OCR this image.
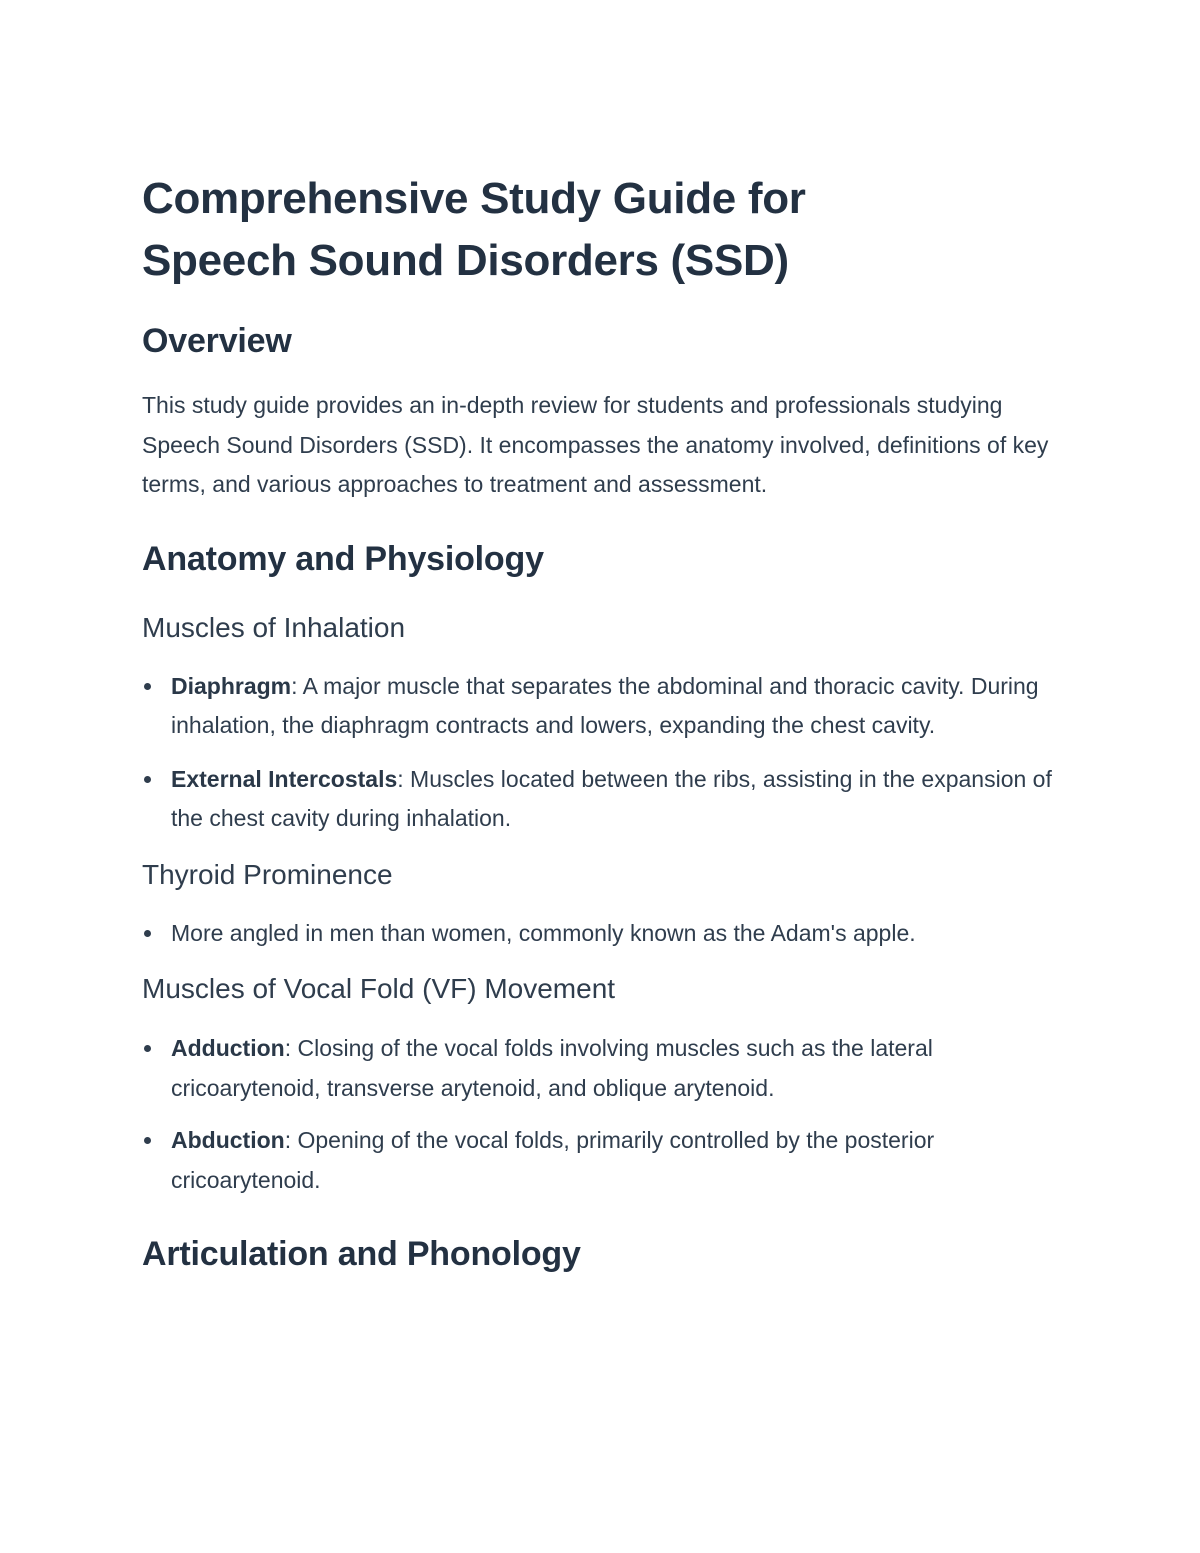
Comprehensive Study Guide for Speech Sound Disorders (SSD)
Overview

This study guide provides an in-depth review for students and professionals studying Speech Sound Disorders (SSD). It encompasses the anatomy involved, definitions of key terms, and various approaches to treatment and assessment.

Anatomy and Physiology
Muscles of Inhalation
Diaphragm: A major muscle that separates the abdominal and thoracic cavity. During inhalation, the diaphragm contracts and lowers, expanding the chest cavity.
External Intercostals: Muscles located between the ribs, assisting in the expansion of the chest cavity during inhalation.
Thyroid Prominence
More angled in men than women, commonly known as the Adam's apple.
Muscles of Vocal Fold (VF) Movement
Adduction: Closing of the vocal folds involving muscles such as the lateral cricoarytenoid, transverse arytenoid, and oblique arytenoid.
Abduction: Opening of the vocal folds, primarily controlled by the posterior cricoarytenoid.
Articulation and Phonology
